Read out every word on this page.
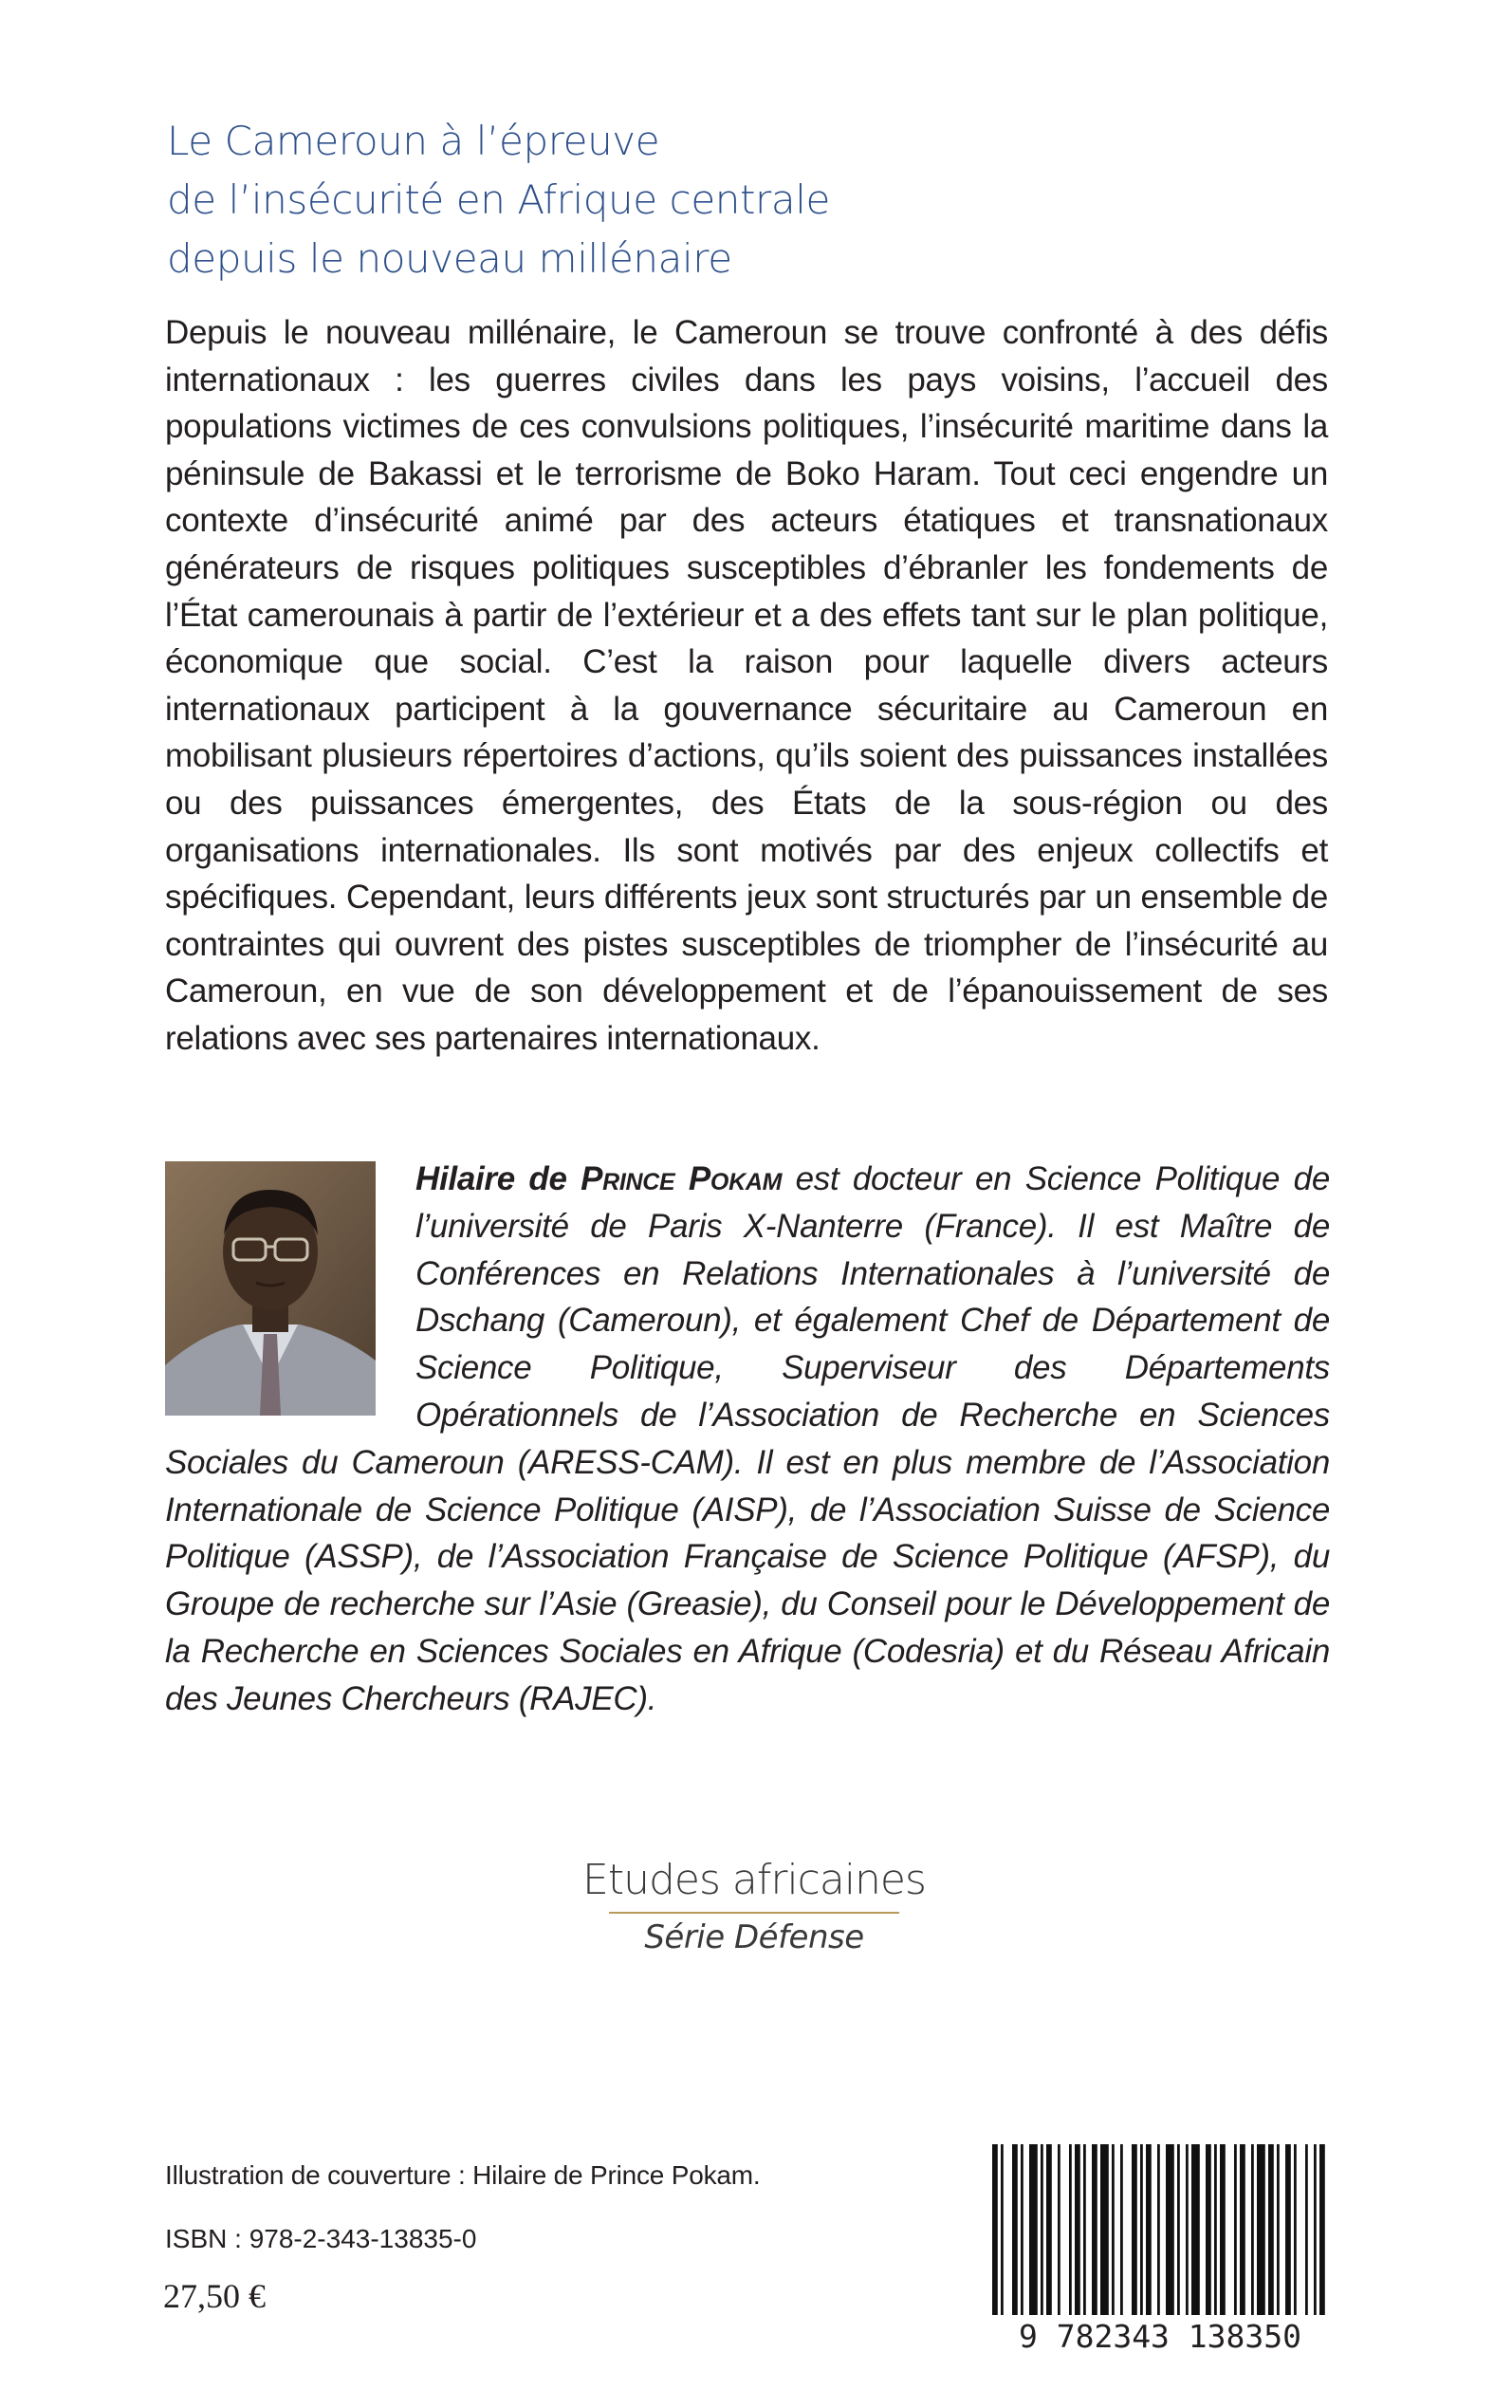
Le Cameroun à l’épreuve
de l’insécurité en Afrique centrale
depuis le nouveau millénaire
Depuis le nouveau millénaire, le Cameroun se trouve confronté à des défis internationaux : les guerres civiles dans les pays voisins, l’accueil des populations victimes de ces convulsions politiques, l’insécurité maritime dans la péninsule de Bakassi et le terrorisme de Boko Haram. Tout ceci engendre un contexte d’insécurité animé par des acteurs étatiques et transnationaux générateurs de risques politiques susceptibles d’ébranler les fondements de l’État camerounais à partir de l’extérieur et a des effets tant sur le plan politique, économique que social. C’est la raison pour laquelle divers acteurs internationaux participent à la gouvernance sécuritaire au Cameroun en mobilisant plusieurs répertoires d’actions, qu’ils soient des puissances installées ou des puissances émergentes, des États de la sous-région ou des organisations internationales. Ils sont motivés par des enjeux collectifs et spécifiques. Cependant, leurs différents jeux sont structurés par un ensemble de contraintes qui ouvrent des pistes susceptibles de triompher de l’insécurité au Cameroun, en vue de son développement et de l’épanouissement de ses relations avec ses partenaires internationaux.
Hilaire de Prince Pokam est docteur en Science Politique de l’université de Paris X-Nanterre (France). Il est Maître de Conférences en Relations Internationales à l’université de Dschang (Cameroun), et également Chef de Département de Science Politique, Superviseur des Départements Opérationnels de l’Association de Recherche en Sciences Sociales du Cameroun (ARESS-CAM). Il est en plus membre de l’Association Internationale de Science Politique (AISP), de l’Association Suisse de Science Politique (ASSP), de l’Association Française de Science Politique (AFSP), du Groupe de recherche sur l’Asie (Greasie), du Conseil pour le Développement de la Recherche en Sciences Sociales en Afrique (Codesria) et du Réseau Africain des Jeunes Chercheurs (RAJEC).
Etudes africaines
Série Défense
Illustration de couverture : Hilaire de Prince Pokam.
ISBN : 978-2-343-13835-0
27,50 €
9 782343 138350
